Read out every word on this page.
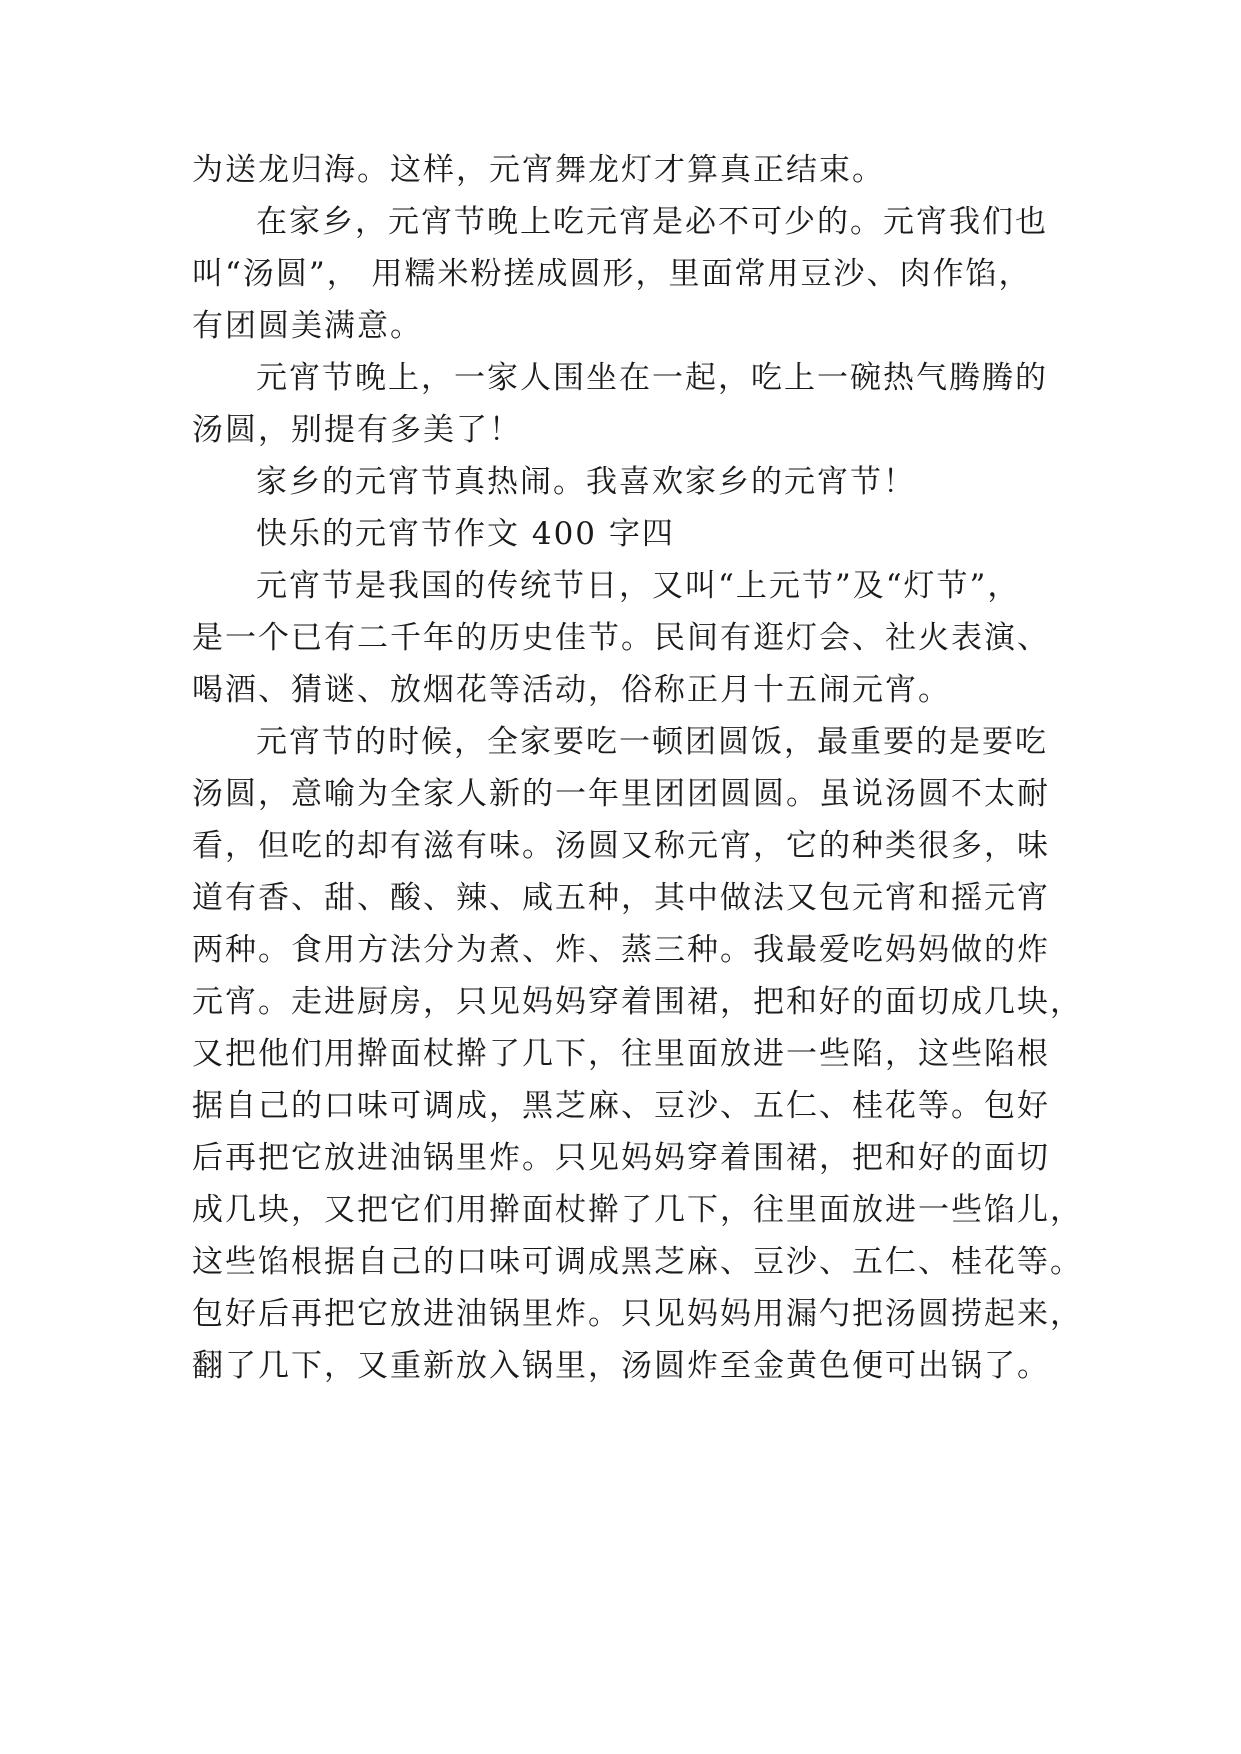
为送龙归海。这样，元宵舞龙灯才算真正结束。
在家乡，元宵节晚上吃元宵是必不可少的。元宵我们也
叫“汤圆”， 用糯米粉搓成圆形，里面常用豆沙、肉作馅，
有团圆美满意。
元宵节晚上，一家人围坐在一起，吃上一碗热气腾腾的
汤圆，别提有多美了！
家乡的元宵节真热闹。我喜欢家乡的元宵节！
快乐的元宵节作文 400 字四
元宵节是我国的传统节日，又叫“上元节”及“灯节”，
是一个已有二千年的历史佳节。民间有逛灯会、社火表演、
喝酒、猜谜、放烟花等活动，俗称正月十五闹元宵。
元宵节的时候，全家要吃一顿团圆饭，最重要的是要吃
汤圆，意喻为全家人新的一年里团团圆圆。虽说汤圆不太耐
看，但吃的却有滋有味。汤圆又称元宵，它的种类很多，味
道有香、甜、酸、辣、咸五种，其中做法又包元宵和摇元宵
两种。食用方法分为煮、炸、蒸三种。我最爱吃妈妈做的炸
元宵。走进厨房，只见妈妈穿着围裙，把和好的面切成几块，
又把他们用擀面杖擀了几下，往里面放进一些陷，这些陷根
据自己的口味可调成，黑芝麻、豆沙、五仁、桂花等。包好
后再把它放进油锅里炸。只见妈妈穿着围裙，把和好的面切
成几块，又把它们用擀面杖擀了几下，往里面放进一些馅儿，
这些馅根据自己的口味可调成黑芝麻、豆沙、五仁、桂花等。
包好后再把它放进油锅里炸。只见妈妈用漏勺把汤圆捞起来，
翻了几下，又重新放入锅里，汤圆炸至金黄色便可出锅了。
